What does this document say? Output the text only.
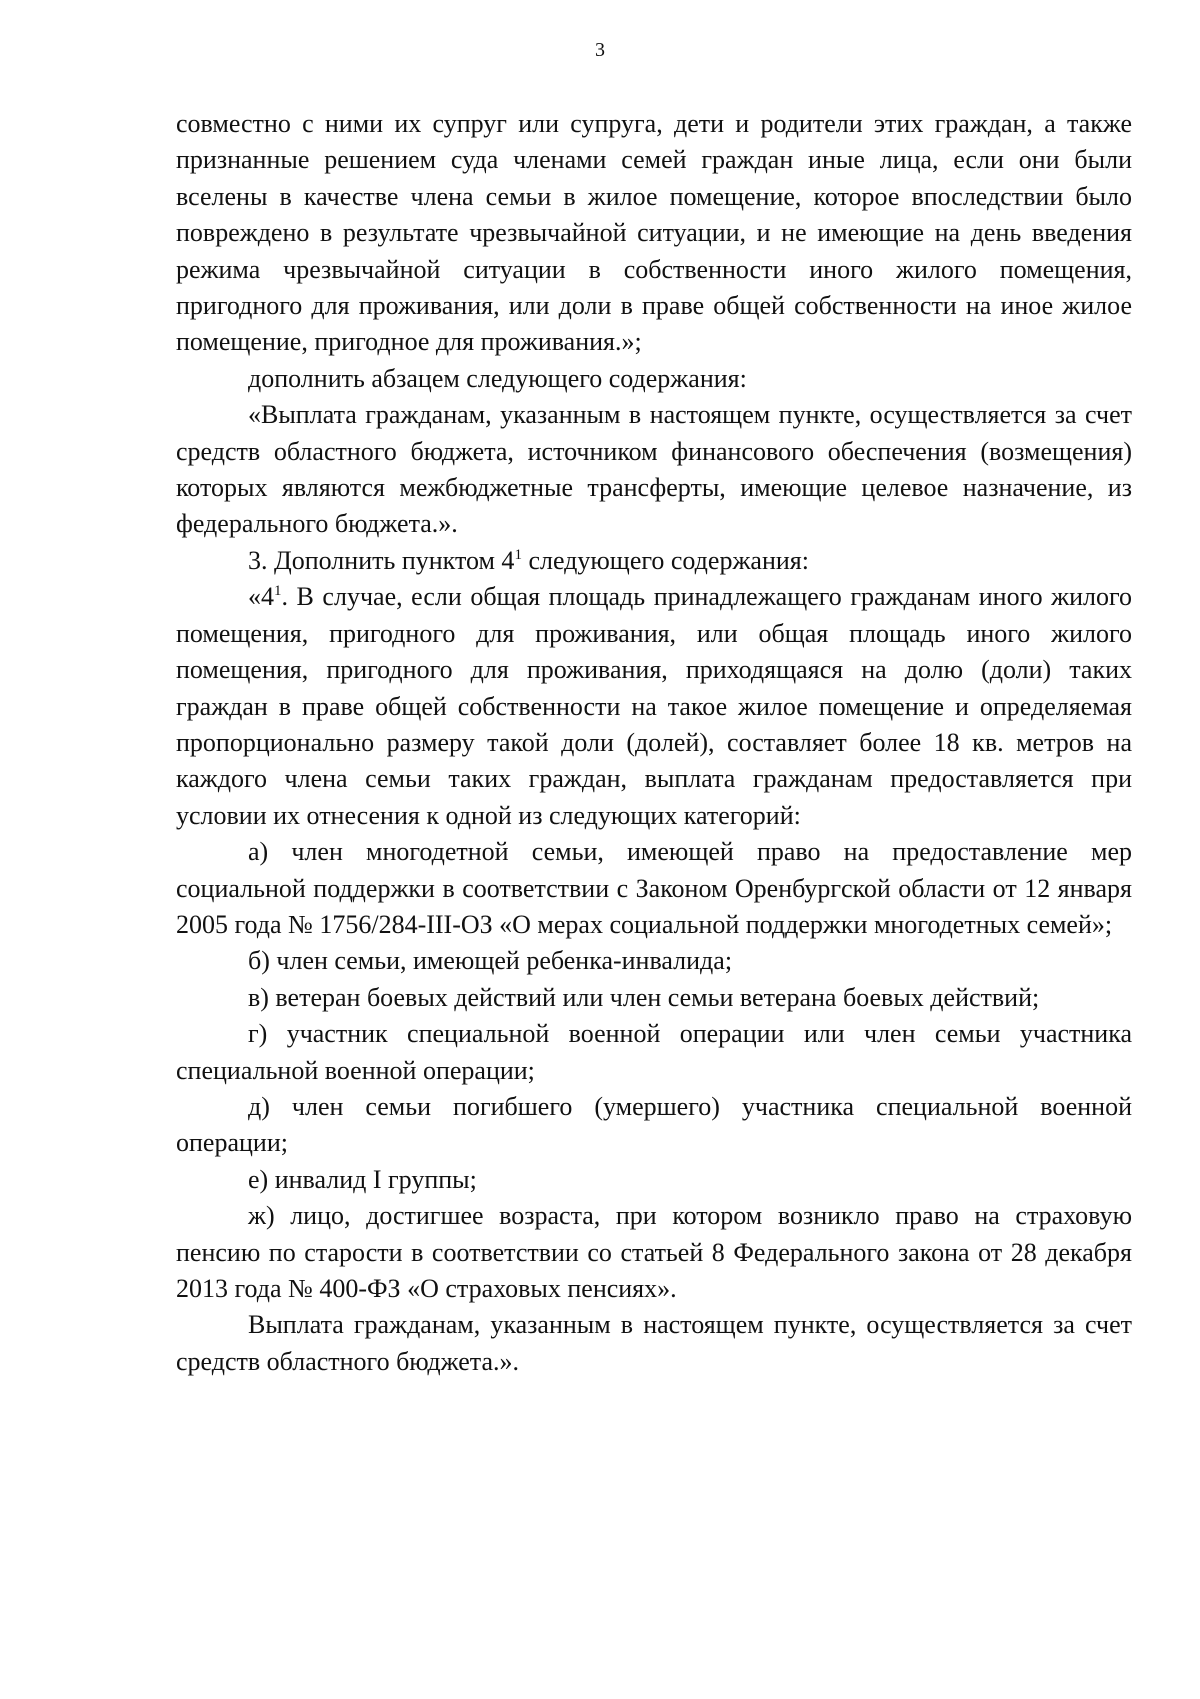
3

совместно с ними их супруг или супруга, дети и родители этих граждан, а также признанные решением суда членами семей граждан иные лица, если они были вселены в качестве члена семьи в жилое помещение, которое впоследствии было повреждено в результате чрезвычайной ситуации, и не имеющие на день введения режима чрезвычайной ситуации в собственности иного жилого помещения, пригодного для проживания, или доли в праве общей собственности на иное жилое помещение, пригодное для проживания.»;

дополнить абзацем следующего содержания:

«Выплата гражданам, указанным в настоящем пункте, осуществляется за счет средств областного бюджета, источником финансового обеспечения (возмещения) которых являются межбюджетные трансферты, имеющие целевое назначение, из федерального бюджета.».

3. Дополнить пунктом $4^1$ следующего содержания:

«$4^1$. В случае, если общая площадь принадлежащего гражданам иного жилого помещения, пригодного для проживания, или общая площадь иного жилого помещения, пригодного для проживания, приходящаяся на долю (доли) таких граждан в праве общей собственности на такое жилое помещение и определяемая пропорционально размеру такой доли (долей), составляет более 18 кв. метров на каждого члена семьи таких граждан, выплата гражданам предоставляется при условии их отнесения к одной из следующих категорий:

а) член многодетной семьи, имеющей право на предоставление мер социальной поддержки в соответствии с Законом Оренбургской области от 12 января 2005 года № 1756/284-III-ОЗ «О мерах социальной поддержки многодетных семей»;

б) член семьи, имеющей ребенка-инвалида;

в) ветеран боевых действий или член семьи ветерана боевых действий;

г) участник специальной военной операции или член семьи участника специальной военной операции;

д) член семьи погибшего (умершего) участника специальной военной операции;

е) инвалид I группы;

ж) лицо, достигшее возраста, при котором возникло право на страховую пенсию по старости в соответствии со статьей 8 Федерального закона от 28 декабря 2013 года № 400-ФЗ «О страховых пенсиях».

Выплата гражданам, указанным в настоящем пункте, осуществляется за счет средств областного бюджета.».
